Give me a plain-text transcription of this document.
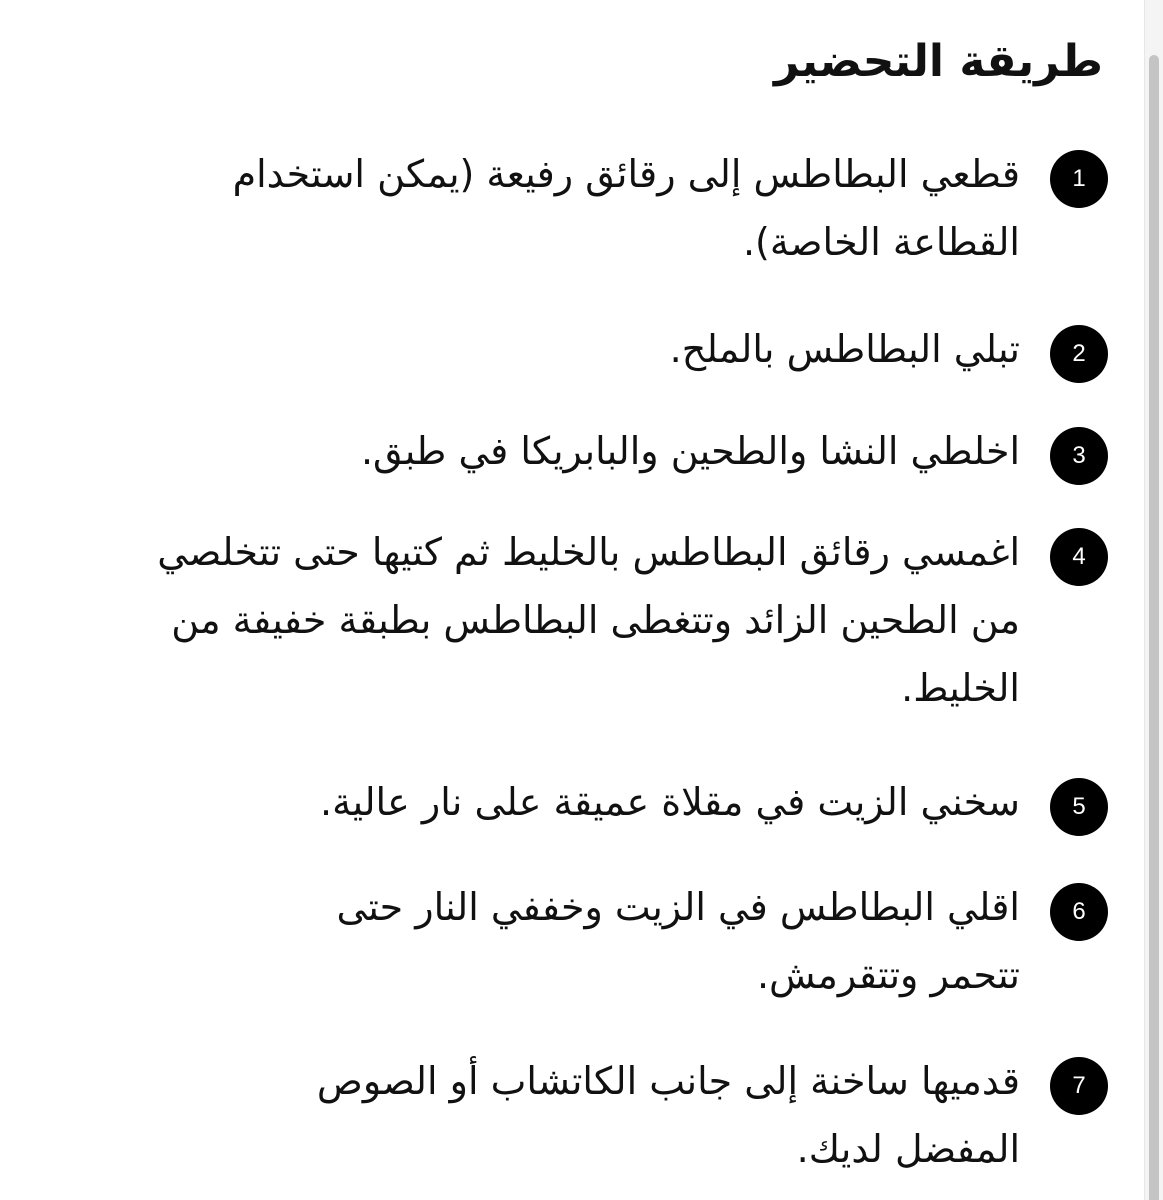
طريقة التحضير
1
قطعي البطاطس إلى رقائق رفيعة (يمكن استخدام
القطاعة الخاصة).
2
تبلي البطاطس بالملح.
3
اخلطي النشا والطحين والبابريكا في طبق.
4
اغمسي رقائق البطاطس بالخليط ثم كتيها حتى تتخلصي
من الطحين الزائد وتتغطى البطاطس بطبقة خفيفة من
الخليط.
5
سخني الزيت في مقلاة عميقة على نار عالية.
6
اقلي البطاطس في الزيت وخففي النار حتى
تتحمر وتتقرمش.
7
قدميها ساخنة إلى جانب الكاتشاب أو الصوص
المفضل لديك.
